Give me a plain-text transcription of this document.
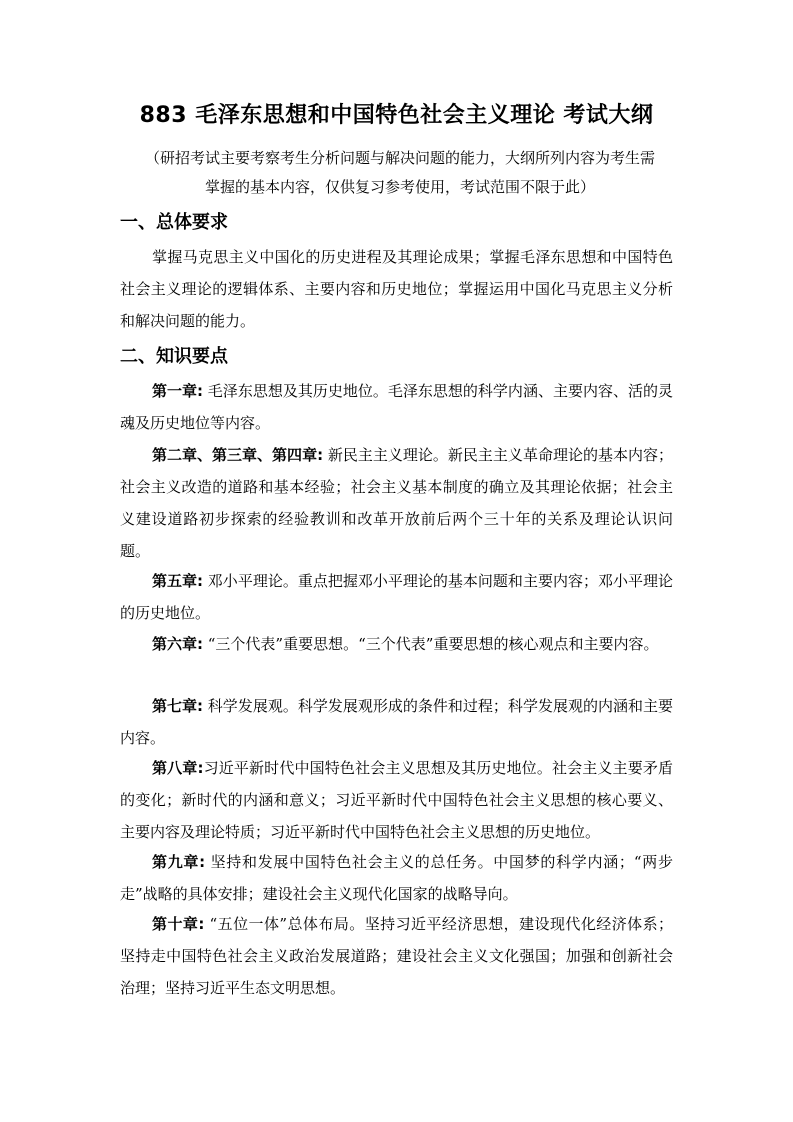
883 毛泽东思想和中国特色社会主义理论 考试大纲
（研招考试主要考察考生分析问题与解决问题的能力，大纲所列内容为考生需
掌握的基本内容，仅供复习参考使用，考试范围不限于此）
一、总体要求

掌握马克思主义中国化的历史进程及其理论成果；掌握毛泽东思想和中国特色社会主义理论的逻辑体系、主要内容和历史地位；掌握运用中国化马克思主义分析和解决问题的能力。

二、知识要点

第一章: 毛泽东思想及其历史地位。毛泽东思想的科学内涵、主要内容、活的灵魂及历史地位等内容。

第二章、第三章、第四章: 新民主主义理论。新民主主义革命理论的基本内容；社会主义改造的道路和基本经验；社会主义基本制度的确立及其理论依据；社会主义建设道路初步探索的经验教训和改革开放前后两个三十年的关系及理论认识问题。

第五章: 邓小平理论。重点把握邓小平理论的基本问题和主要内容；邓小平理论的历史地位。

第六章: “三个代表”重要思想。“三个代表”重要思想的核心观点和主要内容。

第七章: 科学发展观。科学发展观形成的条件和过程；科学发展观的内涵和主要内容。

第八章:习近平新时代中国特色社会主义思想及其历史地位。社会主义主要矛盾的变化；新时代的内涵和意义；习近平新时代中国特色社会主义思想的核心要义、主要内容及理论特质；习近平新时代中国特色社会主义思想的历史地位。

第九章: 坚持和发展中国特色社会主义的总任务。中国梦的科学内涵；“两步走”战略的具体安排；建设社会主义现代化国家的战略导向。

第十章: “五位一体”总体布局。坚持习近平经济思想，建设现代化经济体系；坚持走中国特色社会主义政治发展道路；建设社会主义文化强国；加强和创新社会治理；坚持习近平生态文明思想。
